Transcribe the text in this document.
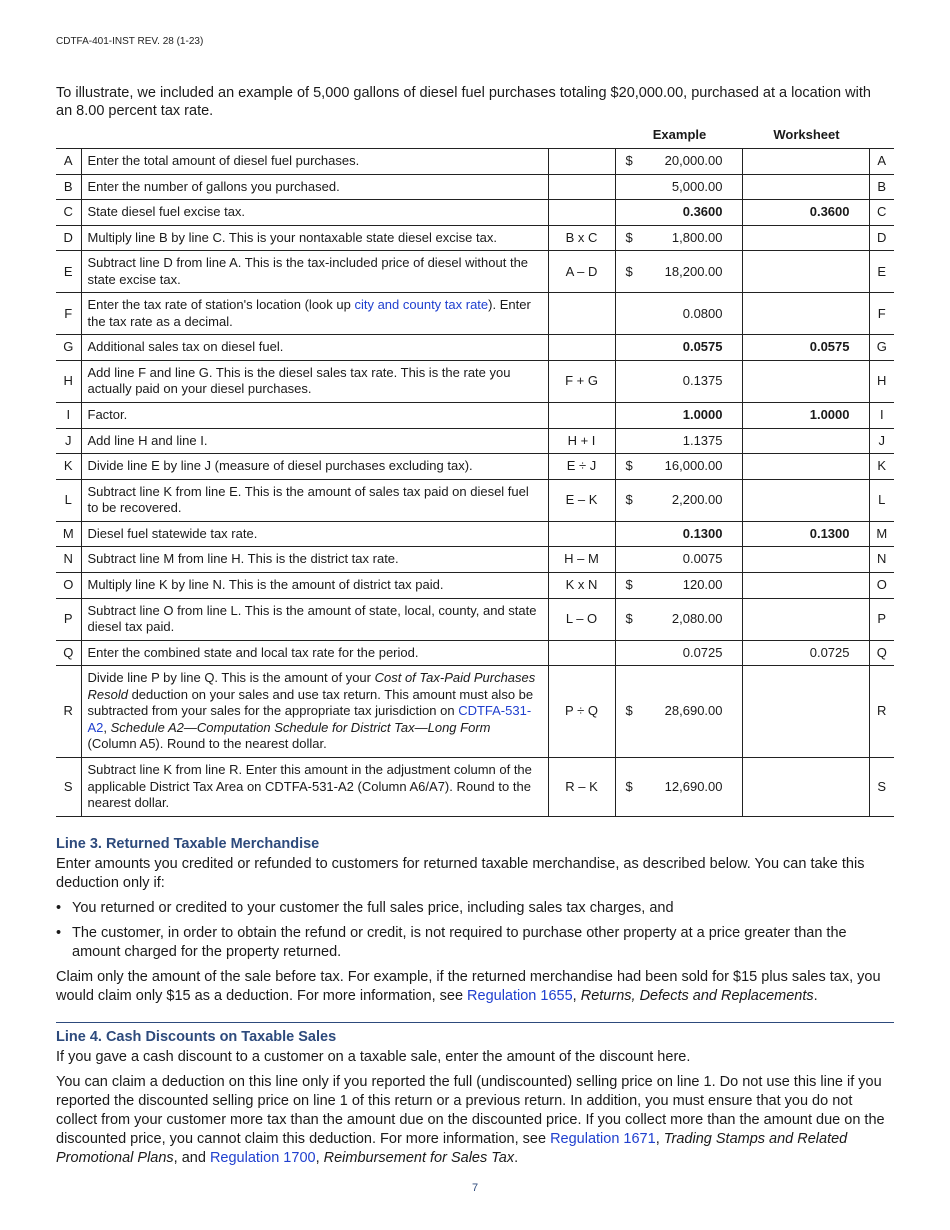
CDTFA-401-INST REV. 28 (1-23)
To illustrate, we included an example of 5,000 gallons of diesel fuel purchases totaling $20,000.00, purchased at a location with an 8.00 percent tax rate.
Example	Worksheet
A	Enter the total amount of diesel fuel purchases.		$ 20,000.00		A
B	Enter the number of gallons you purchased.		5,000.00		B
C	State diesel fuel excise tax.		0.3600	0.3600	C
D	Multiply line B by line C. This is your nontaxable state diesel excise tax.	B x C	$ 1,800.00		D
E	Subtract line D from line A. This is the tax-included price of diesel without the state excise tax.	A – D	$ 18,200.00		E
F	Enter the tax rate of station's location (look up city and county tax rate). Enter the tax rate as a decimal.		0.0800		F
G	Additional sales tax on diesel fuel.		0.0575	0.0575	G
H	Add line F and line G. This is the diesel sales tax rate. This is the rate you actually paid on your diesel purchases.	F + G	0.1375		H
I	Factor.		1.0000	1.0000	I
J	Add line H and line I.	H + I	1.1375		J
K	Divide line E by line J (measure of diesel purchases excluding tax).	E ÷ J	$ 16,000.00		K
L	Subtract line K from line E. This is the amount of sales tax paid on diesel fuel to be recovered.	E – K	$ 2,200.00		L
M	Diesel fuel statewide tax rate.		0.1300	0.1300	M
N	Subtract line M from line H. This is the district tax rate.	H – M	0.0075		N
O	Multiply line K by line N. This is the amount of district tax paid.	K x N	$ 120.00		O
P	Subtract line O from line L. This is the amount of state, local, county, and state diesel tax paid.	L – O	$ 2,080.00		P
Q	Enter the combined state and local tax rate for the period.		0.0725	0.0725	Q
R	Divide line P by line Q. This is the amount of your Cost of Tax-Paid Purchases Resold deduction on your sales and use tax return. This amount must also be subtracted from your sales for the appropriate tax jurisdiction on CDTFA-531-A2, Schedule A2—Computation Schedule for District Tax—Long Form (Column A5). Round to the nearest dollar.	P ÷ Q	$ 28,690.00		R
S	Subtract line K from line R. Enter this amount in the adjustment column of the applicable District Tax Area on CDTFA-531-A2 (Column A6/A7). Round to the nearest dollar.	R – K	$ 12,690.00		S
Line 3. Returned Taxable Merchandise
Enter amounts you credited or refunded to customers for returned taxable merchandise, as described below. You can take this deduction only if:
• You returned or credited to your customer the full sales price, including sales tax charges, and
• The customer, in order to obtain the refund or credit, is not required to purchase other property at a price greater than the amount charged for the property returned.
Claim only the amount of the sale before tax. For example, if the returned merchandise had been sold for $15 plus sales tax, you would claim only $15 as a deduction. For more information, see Regulation 1655, Returns, Defects and Replacements.
Line 4. Cash Discounts on Taxable Sales
If you gave a cash discount to a customer on a taxable sale, enter the amount of the discount here.
You can claim a deduction on this line only if you reported the full (undiscounted) selling price on line 1. Do not use this line if you reported the discounted selling price on line 1 of this return or a previous return. In addition, you must ensure that you do not collect from your customer more tax than the amount due on the discounted price. If you collect more than the amount due on the discounted price, you cannot claim this deduction. For more information, see Regulation 1671, Trading Stamps and Related Promotional Plans, and Regulation 1700, Reimbursement for Sales Tax.
7
